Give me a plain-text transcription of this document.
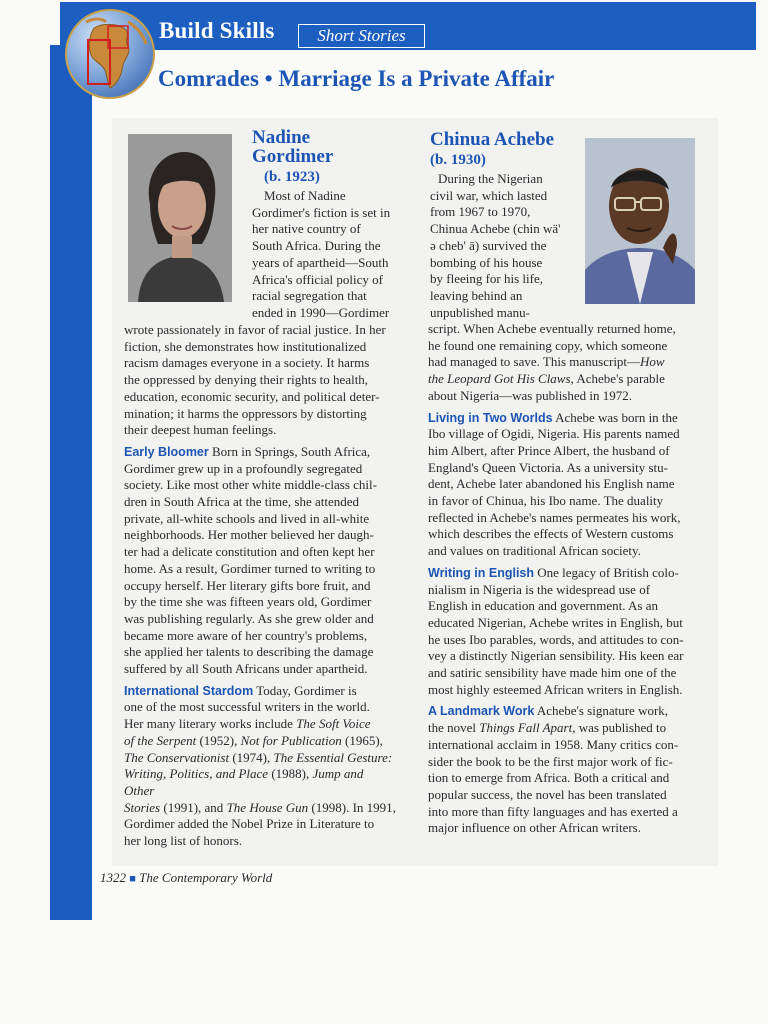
Build Skills	Short Stories
Comrades • Marriage Is a Private Affair
Nadine
Gordimer
(b. 1923)

Most of Nadine

Gordimer's fiction is set in

her native country of

South Africa. During the

years of apartheid—South

Africa's official policy of

racial segregation that

ended in 1990—Gordimer

wrote passionately in favor of racial justice. In her

fiction, she demonstrates how institutionalized

racism damages everyone in a society. It harms

the oppressed by denying their rights to health,

education, economic security, and political deter-

mination; it harms the oppressors by distorting

their deepest human feelings.

Early Bloomer Born in Springs, South Africa,

Gordimer grew up in a profoundly segregated

society. Like most other white middle-class chil-

dren in South Africa at the time, she attended

private, all-white schools and lived in all-white

neighborhoods. Her mother believed her daugh-

ter had a delicate constitution and often kept her

home. As a result, Gordimer turned to writing to

occupy herself. Her literary gifts bore fruit, and

by the time she was fifteen years old, Gordimer

was publishing regularly. As she grew older and

became more aware of her country's problems,

she applied her talents to describing the damage

suffered by all South Africans under apartheid.

International Stardom Today, Gordimer is

one of the most successful writers in the world.

Her many literary works include The Soft Voice

of the Serpent (1952), Not for Publication (1965),

The Conservationist (1974), The Essential Gesture:

Writing, Politics, and Place (1988), Jump and Other

Stories (1991), and The House Gun (1998). In 1991,

Gordimer added the Nobel Prize in Literature to

her long list of honors.

Chinua Achebe
(b. 1930)

During the Nigerian

civil war, which lasted

from 1967 to 1970,

Chinua Achebe (chin wä'

ə cheb' ā) survived the

bombing of his house

by fleeing for his life,

leaving behind an

unpublished manu-

script. When Achebe eventually returned home,

he found one remaining copy, which someone

had managed to save. This manuscript—How

the Leopard Got His Claws, Achebe's parable

about Nigeria—was published in 1972.

Living in Two Worlds Achebe was born in the

Ibo village of Ogidi, Nigeria. His parents named

him Albert, after Prince Albert, the husband of

England's Queen Victoria. As a university stu-

dent, Achebe later abandoned his English name

in favor of Chinua, his Ibo name. The duality

reflected in Achebe's names permeates his work,

which describes the effects of Western customs

and values on traditional African society.

Writing in English One legacy of British colo-

nialism in Nigeria is the widespread use of

English in education and government. As an

educated Nigerian, Achebe writes in English, but

he uses Ibo parables, words, and attitudes to con-

vey a distinctly Nigerian sensibility. His keen ear

and satiric sensibility have made him one of the

most highly esteemed African writers in English.

A Landmark Work Achebe's signature work,

the novel Things Fall Apart, was published to

international acclaim in 1958. Many critics con-

sider the book to be the first major work of fic-

tion to emerge from Africa. Both a critical and

popular success, the novel has been translated

into more than fifty languages and has exerted a

major influence on other African writers.

1322 ■ The Contemporary World
